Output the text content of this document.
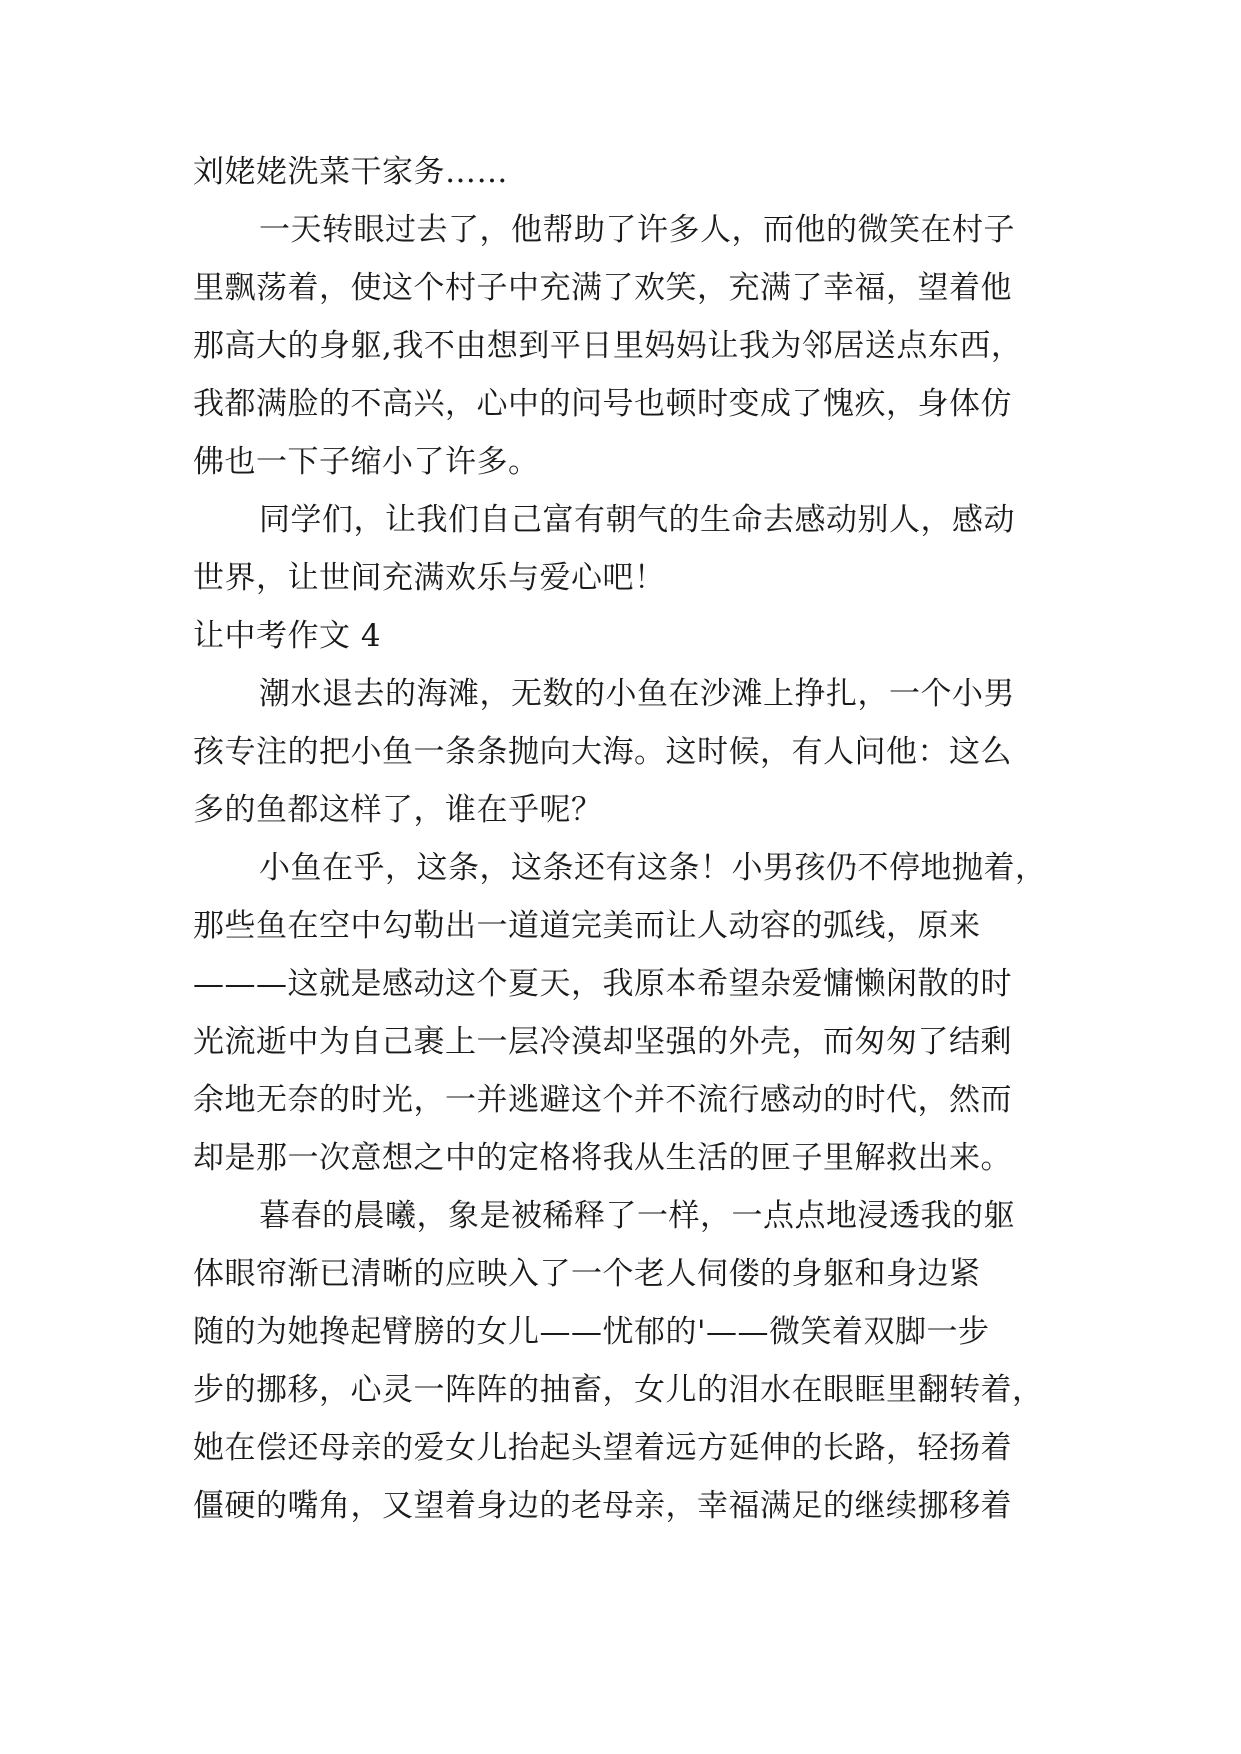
刘姥姥洗菜干家务……
一天转眼过去了，他帮助了许多人，而他的微笑在村子
里飘荡着，使这个村子中充满了欢笑，充满了幸福，望着他
那高大的身躯,我不由想到平日里妈妈让我为邻居送点东西，
我都满脸的不高兴，心中的问号也顿时变成了愧疚，身体仿
佛也一下子缩小了许多。
同学们，让我们自己富有朝气的生命去感动别人，感动
世界，让世间充满欢乐与爱心吧！
让中考作文 4
潮水退去的海滩，无数的小鱼在沙滩上挣扎，一个小男
孩专注的把小鱼一条条抛向大海。这时候，有人问他：这么
多的鱼都这样了，谁在乎呢？
小鱼在乎，这条，这条还有这条！小男孩仍不停地抛着，
那些鱼在空中勾勒出一道道完美而让人动容的弧线，原来
———这就是感动这个夏天，我原本希望杂爱慵懒闲散的时
光流逝中为自己裹上一层冷漠却坚强的外壳，而匆匆了结剩
余地无奈的时光，一并逃避这个并不流行感动的时代，然而
却是那一次意想之中的定格将我从生活的匣子里解救出来。
暮春的晨曦，象是被稀释了一样，一点点地浸透我的躯
体眼帘渐已清晰的应映入了一个老人伺偻的身躯和身边紧
随的为她搀起臂膀的女儿——忧郁的'——微笑着双脚一步
步的挪移，心灵一阵阵的抽畜，女儿的泪水在眼眶里翻转着，
她在偿还母亲的爱女儿抬起头望着远方延伸的长路，轻扬着
僵硬的嘴角，又望着身边的老母亲，幸福满足的继续挪移着
